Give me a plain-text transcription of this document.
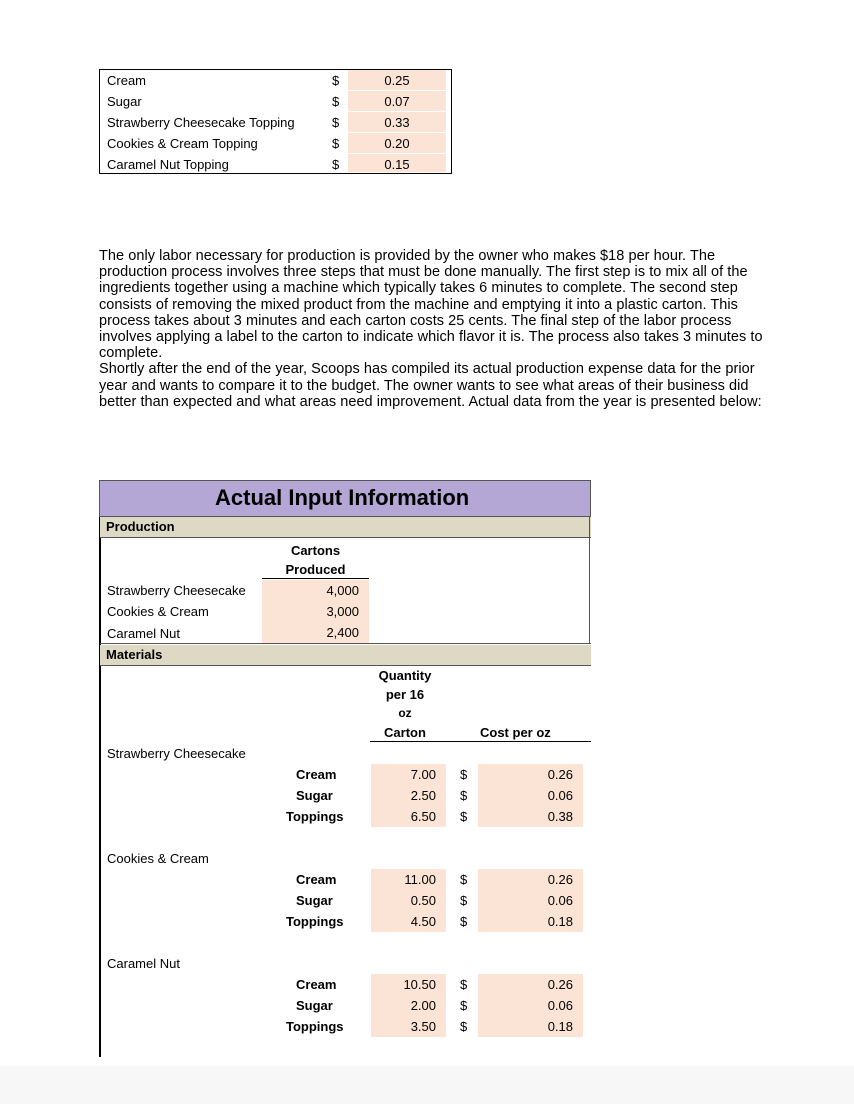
Cream	$	0.25
Sugar	$	0.07
Strawberry Cheesecake Topping	$	0.33
Cookies & Cream Topping	$	0.20
Caramel Nut Topping	$	0.15

The only labor necessary for production is provided by the owner who makes $18 per hour. The production process involves three steps that must be done manually. The first step is to mix all of the ingredients together using a machine which typically takes 6 minutes to complete. The second step consists of removing the mixed product from the machine and emptying it into a plastic carton. This process takes about 3 minutes and each carton costs 25 cents. The final step of the labor process involves applying a label to the carton to indicate which flavor it is. The process also takes 3 minutes to complete.

Shortly after the end of the year, Scoops has compiled its actual production expense data for the prior year and wants to compare it to the budget. The owner wants to see what areas of their business did better than expected and what areas need improvement. Actual data from the year is presented below:

Actual Input Information
Production
Cartons
Produced
Strawberry Cheesecake	4,000
Cookies & Cream	3,000
Caramel Nut	2,400
Materials
Quantity
per 16
oz
Carton	Cost per oz
Strawberry Cheesecake
Cream	7.00	$	0.26
Sugar	2.50	$	0.06
Toppings	6.50	$	0.38
Cookies & Cream
Cream	11.00	$	0.26
Sugar	0.50	$	0.06
Toppings	4.50	$	0.18
Caramel Nut
Cream	10.50	$	0.26
Sugar	2.00	$	0.06
Toppings	3.50	$	0.18
